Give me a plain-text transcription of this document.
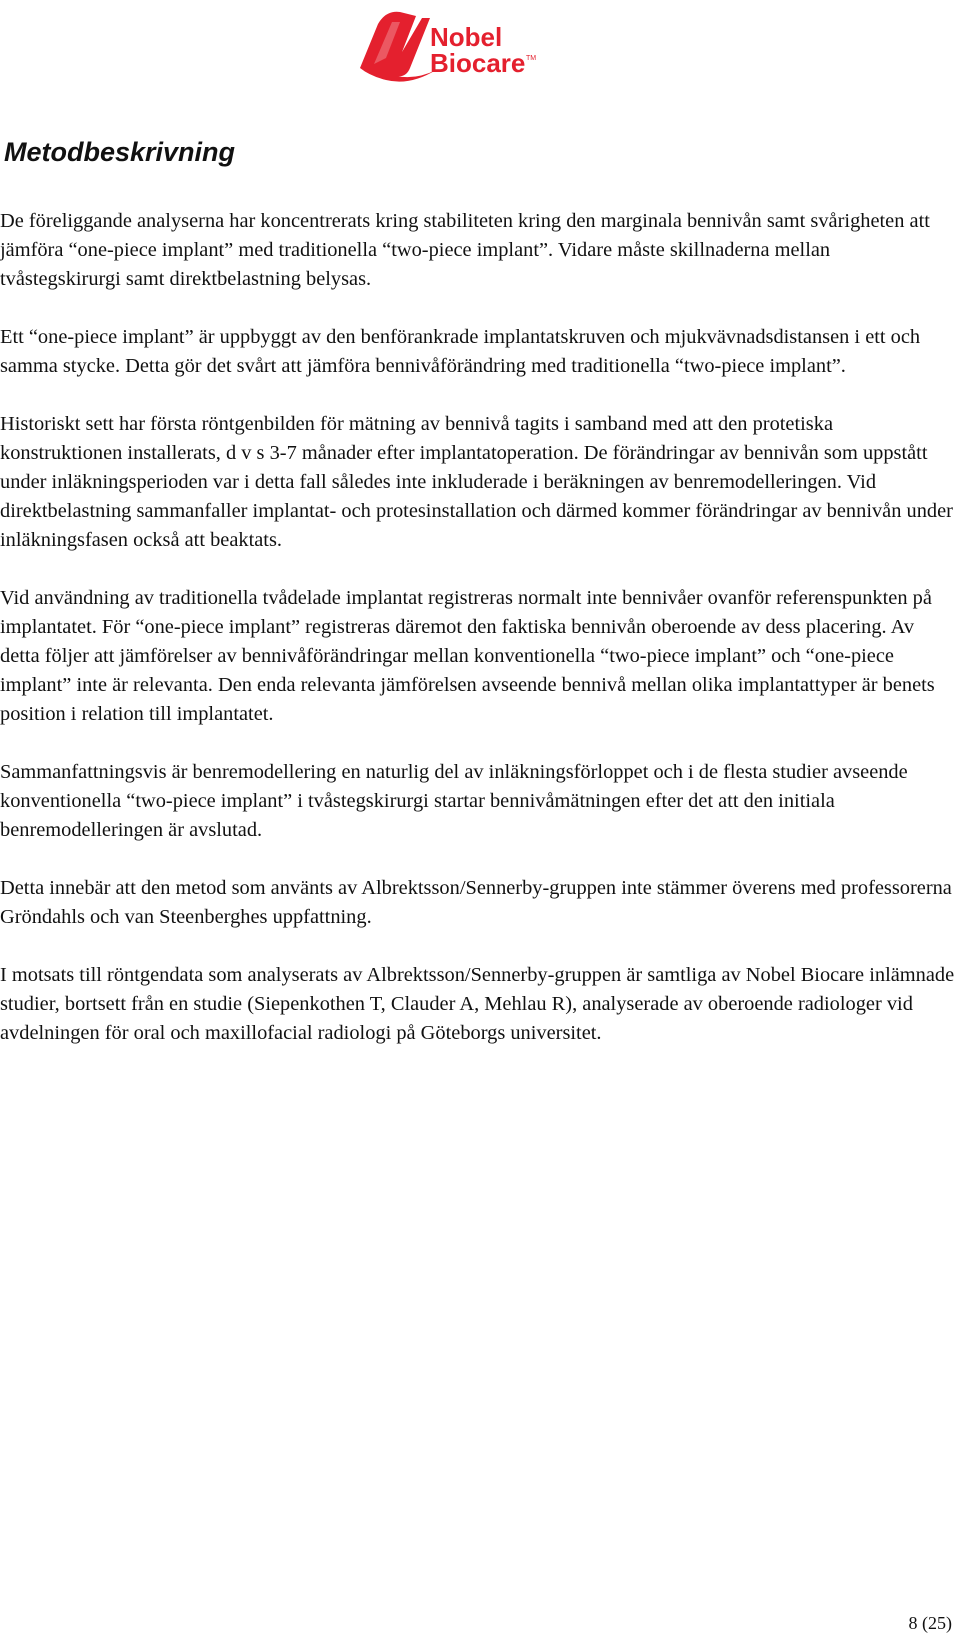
Nobel
Biocare TM
Metodbeskrivning

De föreliggande analyserna har koncentrerats kring stabiliteten kring den marginala bennivån samt svårigheten att jämföra “one-piece implant” med traditionella “two-piece implant”. Vidare måste skillnaderna mellan tvåstegskirurgi samt direktbelastning belysas.

Ett “one-piece implant” är uppbyggt av den benförankrade implantatskruven och mjukvävnadsdistansen i ett och samma stycke. Detta gör det svårt att jämföra bennivåförändring med traditionella “two-piece implant”.

Historiskt sett har första röntgenbilden för mätning av bennivå tagits i samband med att den protetiska konstruktionen installerats, d v s 3-7 månader efter implantatoperation. De förändringar av bennivån som uppstått under inläkningsperioden var i detta fall således inte inkluderade i beräkningen av benremodelleringen. Vid direktbelastning sammanfaller implantat- och protesinstallation och därmed kommer förändringar av bennivån under inläkningsfasen också att beaktats.

Vid användning av traditionella tvådelade implantat registreras normalt inte bennivåer ovanför referenspunkten på implantatet. För “one-piece implant” registreras däremot den faktiska bennivån oberoende av dess placering. Av detta följer att jämförelser av bennivåförändringar mellan konventionella “two-piece implant” och “one-piece implant” inte är relevanta. Den enda relevanta jämförelsen avseende bennivå mellan olika implantattyper är benets position i relation till implantatet.

Sammanfattningsvis är benremodellering en naturlig del av inläkningsförloppet och i de flesta studier avseende konventionella “two-piece implant” i tvåstegskirurgi startar bennivåmätningen efter det att den initiala benremodelleringen är avslutad.

Detta innebär att den metod som använts av Albrektsson/Sennerby-gruppen inte stämmer överens med professorerna Gröndahls och van Steenberghes uppfattning.

I motsats till röntgendata som analyserats av Albrektsson/Sennerby-gruppen är samtliga av Nobel Biocare inlämnade studier, bortsett från en studie (Siepenkothen T, Clauder A, Mehlau R), analyserade av oberoende radiologer vid avdelningen för oral och maxillofacial radiologi på Göteborgs universitet.

8 (25)
